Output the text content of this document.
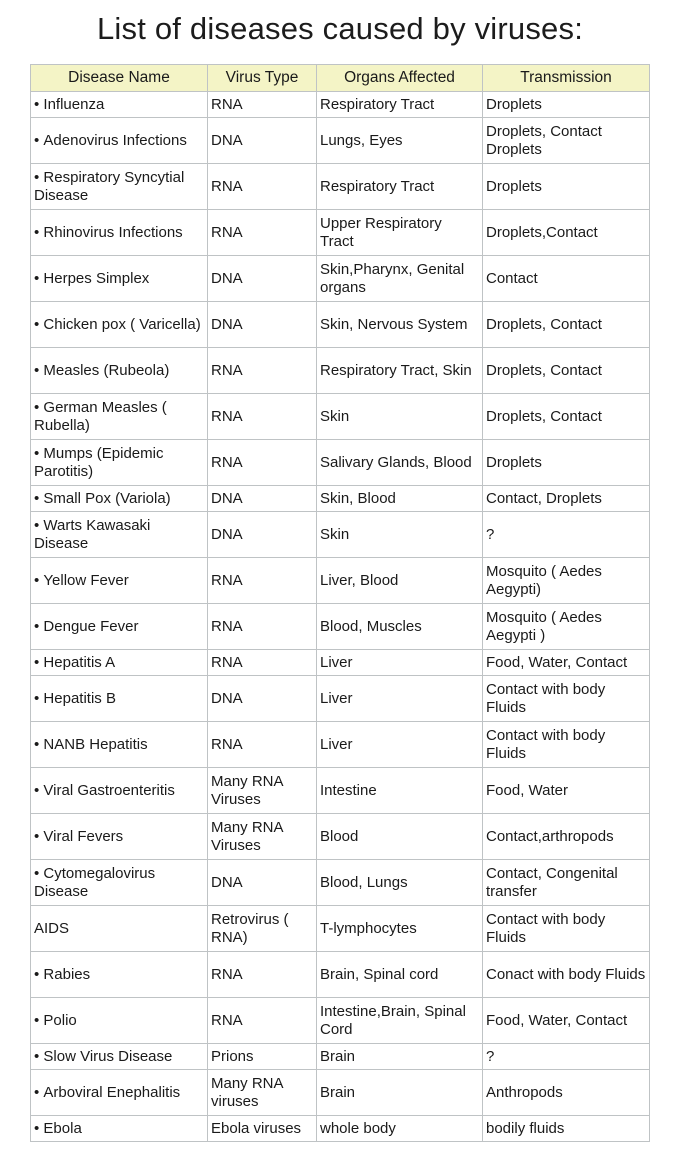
List of diseases caused by viruses:
Disease Name	Virus Type	Organs Affected	Transmission
• Influenza	RNA	Respiratory Tract	Droplets
• Adenovirus Infections	DNA	Lungs, Eyes	Droplets, Contact Droplets
• Respiratory Syncytial Disease	RNA	Respiratory Tract	Droplets
• Rhinovirus Infections	RNA	Upper Respiratory Tract	Droplets,Contact
• Herpes Simplex	DNA	Skin,Pharynx, Genital organs	Contact
• Chicken pox ( Varicella)	DNA	Skin, Nervous System	Droplets, Contact
• Measles (Rubeola)	RNA	Respiratory Tract, Skin	Droplets, Contact
• German Measles ( Rubella)	RNA	Skin	Droplets, Contact
• Mumps (Epidemic Parotitis)	RNA	Salivary Glands, Blood	Droplets
• Small Pox (Variola)	DNA	Skin, Blood	Contact, Droplets
• Warts Kawasaki Disease	DNA	Skin	?
• Yellow Fever	RNA	Liver, Blood	Mosquito ( Aedes Aegypti)
• Dengue Fever	RNA	Blood, Muscles	Mosquito ( Aedes Aegypti )
• Hepatitis A	RNA	Liver	Food, Water, Contact
• Hepatitis B	DNA	Liver	Contact with body Fluids
• NANB Hepatitis	RNA	Liver	Contact with body Fluids
• Viral Gastroenteritis	Many RNA Viruses	Intestine	Food, Water
• Viral Fevers	Many RNA Viruses	Blood	Contact,arthropods
• Cytomegalovirus Disease	DNA	Blood, Lungs	Contact, Congenital transfer
AIDS	Retrovirus ( RNA)	T-lymphocytes	Contact with body Fluids
• Rabies	RNA	Brain, Spinal cord	Conact with body Fluids
• Polio	RNA	Intestine,Brain, Spinal Cord	Food, Water, Contact
• Slow Virus Disease	Prions	Brain	?
• Arboviral Enephalitis	Many RNA viruses	Brain	Anthropods
• Ebola	Ebola viruses	whole body	bodily fluids
